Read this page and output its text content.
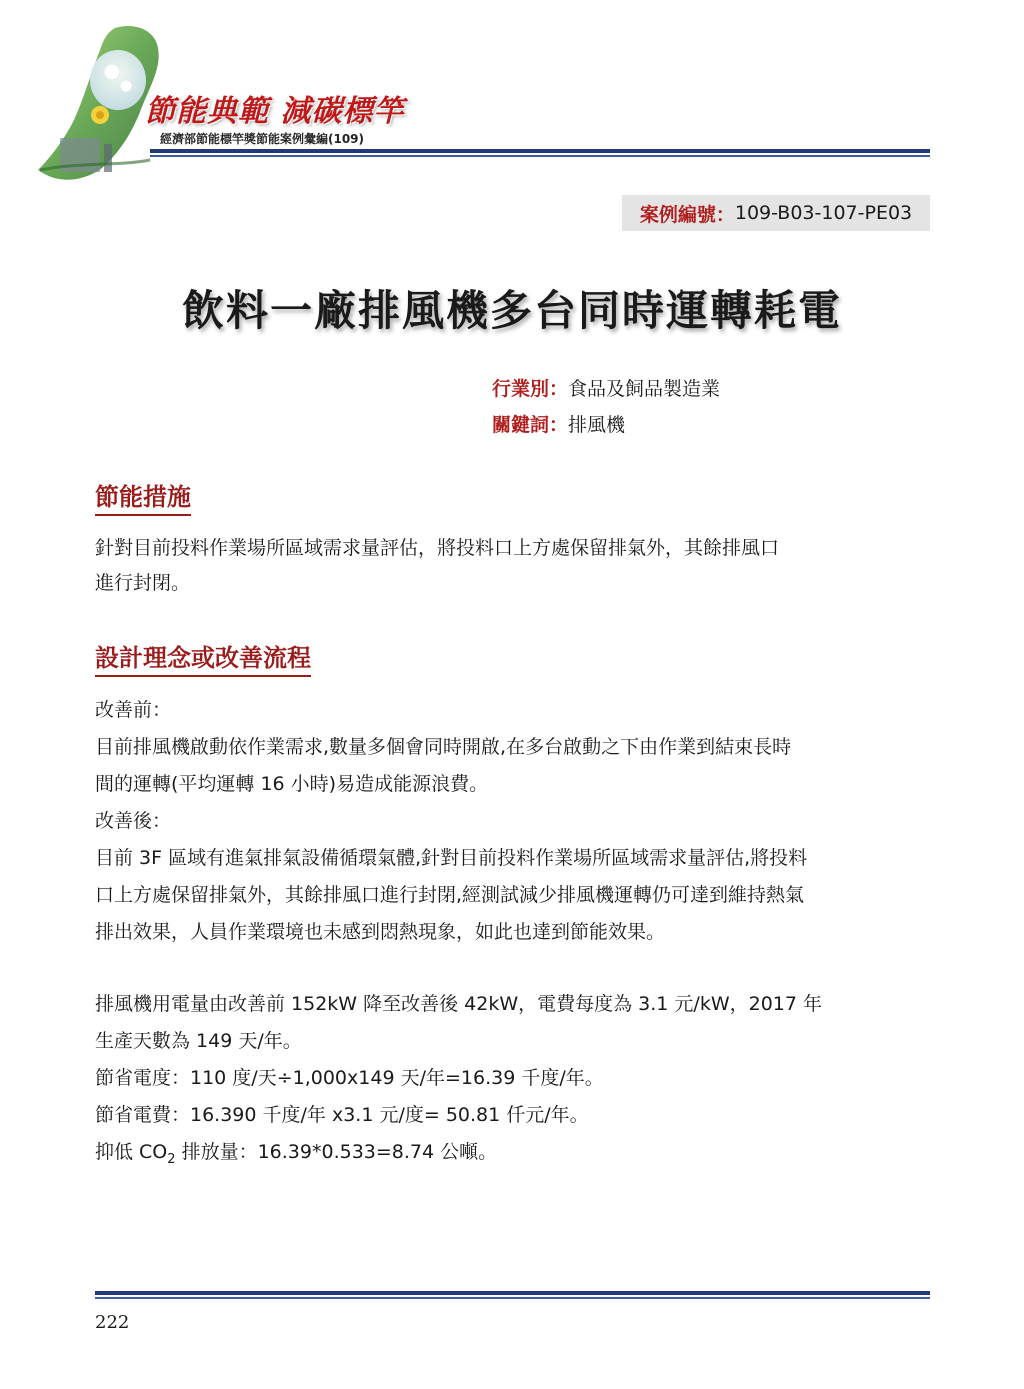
節能典範 減碳標竿
經濟部節能標竿獎節能案例彙編(109)
案例編號： 109-B03-107-PE03
飲料一廠排風機多台同時運轉耗電
行業別：食品及飼品製造業
關鍵詞：排風機
節能措施
針對目前投料作業場所區域需求量評估，將投料口上方處保留排氣外，其餘排風口
進行封閉。
設計理念或改善流程
改善前：
目前排風機啟動依作業需求,數量多個會同時開啟,在多台啟動之下由作業到結束長時
間的運轉(平均運轉 16 小時)易造成能源浪費。
改善後：
目前 3F 區域有進氣排氣設備循環氣體,針對目前投料作業場所區域需求量評估,將投料
口上方處保留排氣外，其餘排風口進行封閉,經測試減少排風機運轉仍可達到維持熱氣
排出效果，人員作業環境也未感到悶熱現象，如此也達到節能效果。
排風機用電量由改善前 152kW 降至改善後 42kW，電費每度為 3.1 元/kW，2017 年
生產天數為 149 天/年。
節省電度：110 度/天÷1,000x149 天/年=16.39 千度/年。
節省電費：16.390 千度/年 x3.1 元/度= 50.81 仟元/年。
抑低 $CO_2$ 排放量：16.39*0.533=8.74 公噸。
222
